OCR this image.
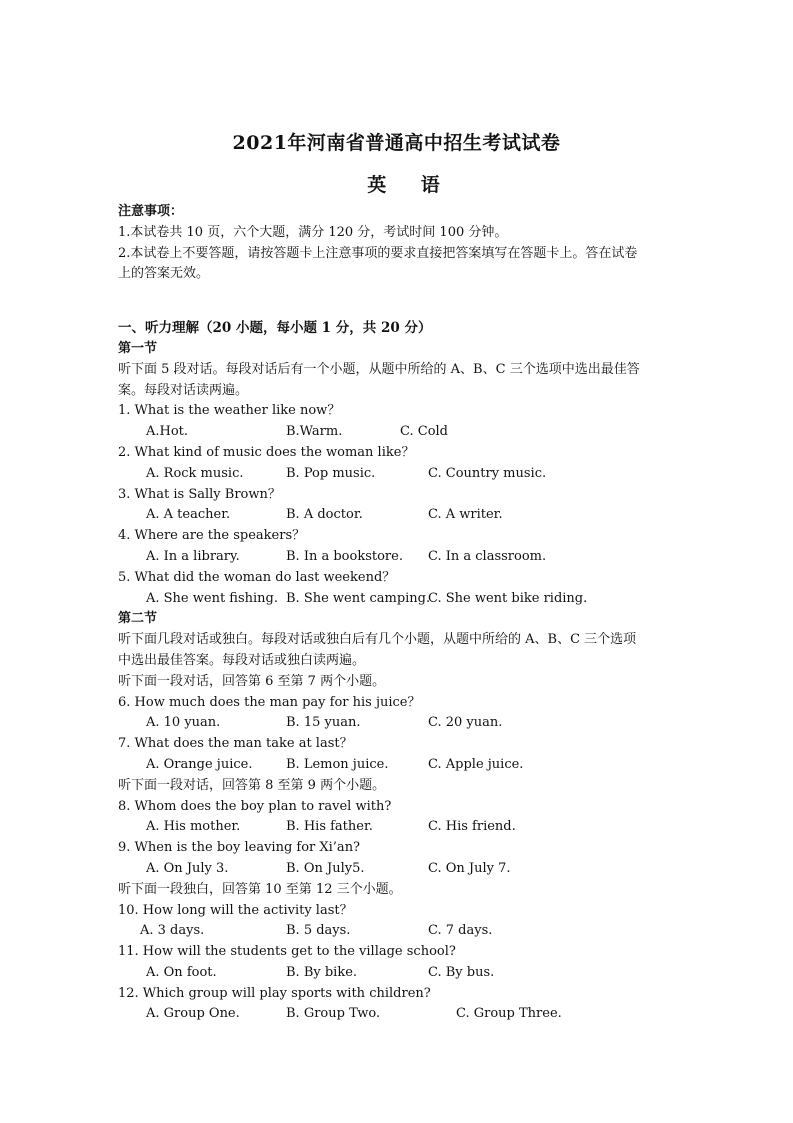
2021年河南省普通高中招生考试试卷
英 语
注意事项：
1.本试卷共 10 页，六个大题，满分 120 分，考试时间 100 分钟。
2.本试卷上不要答题，请按答题卡上注意事项的要求直接把答案填写在答题卡上。答在试卷
上的答案无效。
一、听力理解（20 小题，每小题 1 分，共 20 分）
第一节
听下面 5 段对话。每段对话后有一个小题，从题中所给的 A、B、C 三个选项中选出最佳答
案。每段对话读两遍。
1. What is the weather like now？
A.Hot.	B.Warm.	C. Cold
2. What kind of music does the woman like？
A. Rock music.	B. Pop music.	C. Country music.
3. What is Sally Brown？
A. A teacher.	B. A doctor.	C. A writer.
4. Where are the speakers？
A. In a library.	B. In a bookstore. C. In a classroom.
5. What did the woman do last weekend？
A. She went fishing. B. She went camping.
C. She went bike riding.
第二节
听下面几段对话或独白。每段对话或独白后有几个小题，从题中所给的 A、B、C 三个选项
中选出最佳答案。每段对话或独白读两遍。
听下面一段对话，回答第 6 至第 7 两个小题。
6. How much does the man pay for his juice？
A. 10 yuan.	B. 15 yuan.	C. 20 yuan.
7. What does the man take at last？
A. Orange juice.	B. Lemon juice.	C. Apple juice.
听下面一段对话，回答第 8 至第 9 两个小题。
8. Whom does the boy plan to ravel with?
A. His mother.	B. His father.	C. His friend.
9. When is the boy leaving for Xi’an?
A. On July 3.	B. On July5.	C. On July 7.
听下面一段独白，回答第 10 至第 12 三个小题。
10. How long will the activity last？
A. 3 days.	B. 5 days.	C. 7 days.
11. How will the students get to the village school?
A. On foot.	B. By bike.	C. By bus.
12. Which group will play sports with children?
A. Group One.	B. Group Two.	C. Group Three.
